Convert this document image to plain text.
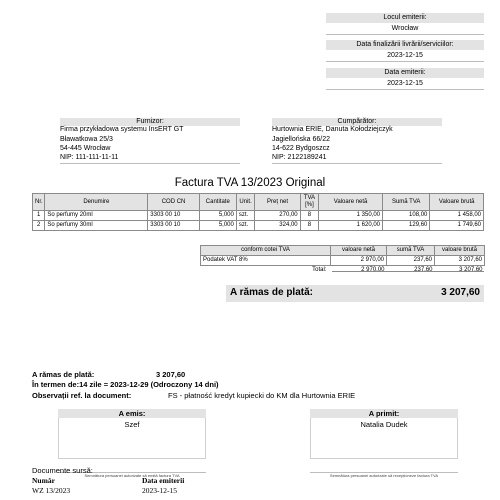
Locul emiterii:
Wrocław
Data finalizării livrării/serviciilor:
2023-12-15
Data emiterii:
2023-12-15
Furnizor:
Firma przykładowa systemu InsERT GT
Bławatkowa 25/3
54-445 Wrocław
NIP: 111-111-11-11
Cumpărător:
Hurtownia ERIE, Danuta Kołodziejczyk
Jagiellońska 66/22
14-622 Bydgoszcz
NIP: 2122189241
Factura TVA 13/2023 Original
Nr.	Denumire	COD CN	Cantitate	Unit.	Preț net	TVA [%]	Valoare netă	Sumă TVA	Valoare brută
1	So perfumy 20ml	3303 00 10	5,000	szt.	270,00	8	1 350,00	108,00	1 458,00
2	So perfumy 30ml	3303 00 10	5,000	szt.	324,00	8	1 620,00	129,60	1 749,60
conform cotei TVA	valoare netă	sumă TVA	valoare brută
Podatek VAT 8%	2 970,00	237,60	3 207,60
Total:	2 970,00	237,60	3 207,60
A rămas de plată:	3 207,60
A rămas de plată:	3 207,60
În termen de:14 zile = 2023-12-29 (Odroczony 14 dni)
Observații ref. la document:	FS - płatność kredyt kupiecki do KM dla Hurtownia ERIE
A emis:
Szef
Semnătura persoanei autorizate să emită factura TVA
A primit:
Natalia Dudek
Semnătura persoanei autorizate să recepționeze factura TVA
Documente sursă:
Număr	Data emiterii
WZ 13/2023	2023-12-15
